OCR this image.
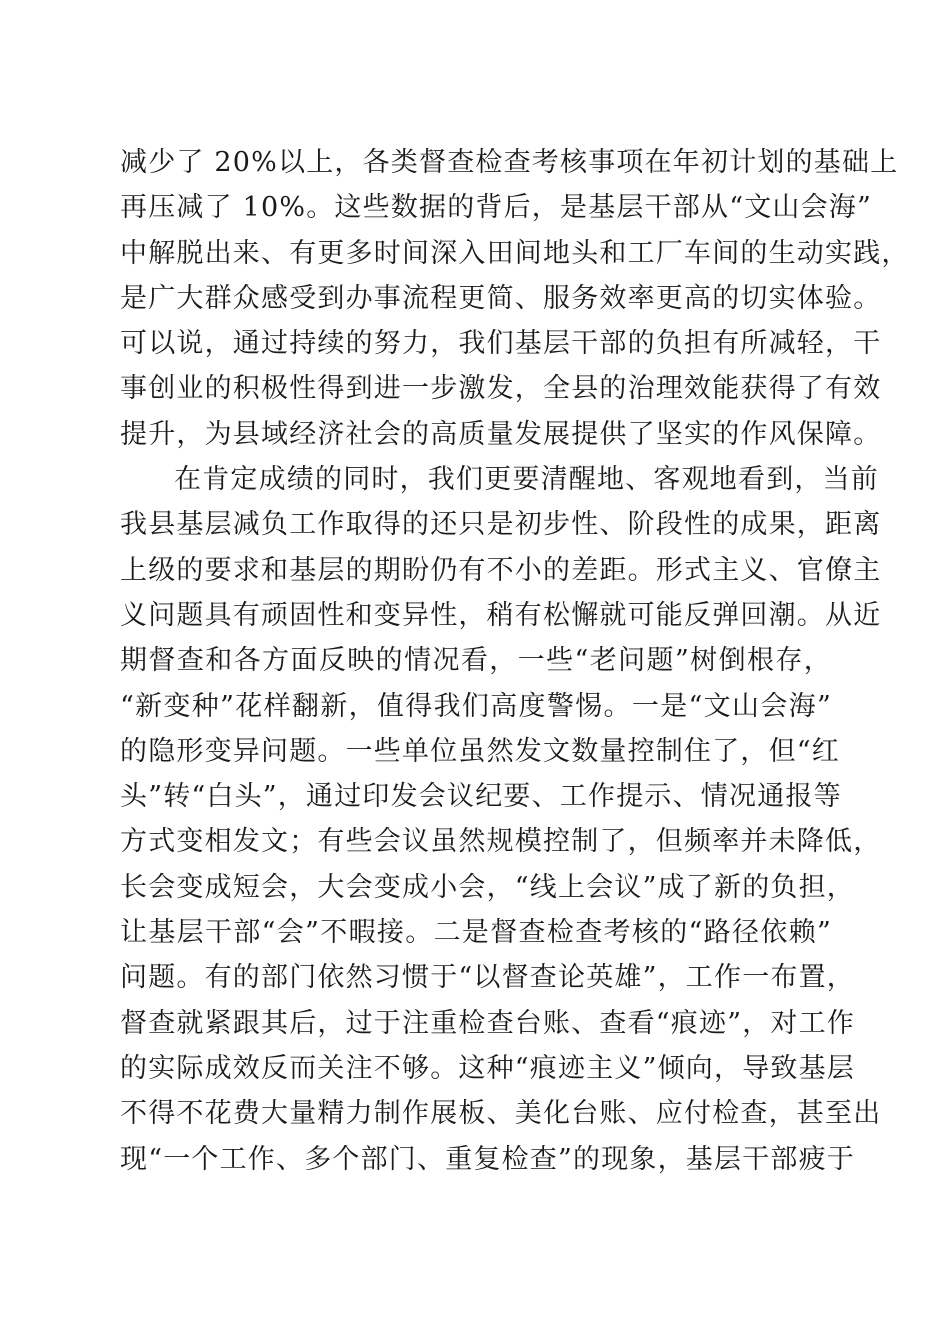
减少了 20%以上，各类督查检查考核事项在年初计划的基础上
再压减了 10%。这些数据的背后，是基层干部从“文山会海”
中解脱出来、有更多时间深入田间地头和工厂车间的生动实践，
是广大群众感受到办事流程更简、服务效率更高的切实体验。
可以说，通过持续的努力，我们基层干部的负担有所减轻，干
事创业的积极性得到进一步激发，全县的治理效能获得了有效
提升，为县域经济社会的高质量发展提供了坚实的作风保障。
在肯定成绩的同时，我们更要清醒地、客观地看到，当前
我县基层减负工作取得的还只是初步性、阶段性的成果，距离
上级的要求和基层的期盼仍有不小的差距。形式主义、官僚主
义问题具有顽固性和变异性，稍有松懈就可能反弹回潮。从近
期督查和各方面反映的情况看，一些“老问题”树倒根存，
“新变种”花样翻新，值得我们高度警惕。一是“文山会海”
的隐形变异问题。一些单位虽然发文数量控制住了，但“红
头”转“白头”，通过印发会议纪要、工作提示、情况通报等
方式变相发文；有些会议虽然规模控制了，但频率并未降低，
长会变成短会，大会变成小会，“线上会议”成了新的负担，
让基层干部“会”不暇接。二是督查检查考核的“路径依赖”
问题。有的部门依然习惯于“以督查论英雄”，工作一布置，
督查就紧跟其后，过于注重检查台账、查看“痕迹”，对工作
的实际成效反而关注不够。这种“痕迹主义”倾向，导致基层
不得不花费大量精力制作展板、美化台账、应付检查，甚至出
现“一个工作、多个部门、重复检查”的现象，基层干部疲于
